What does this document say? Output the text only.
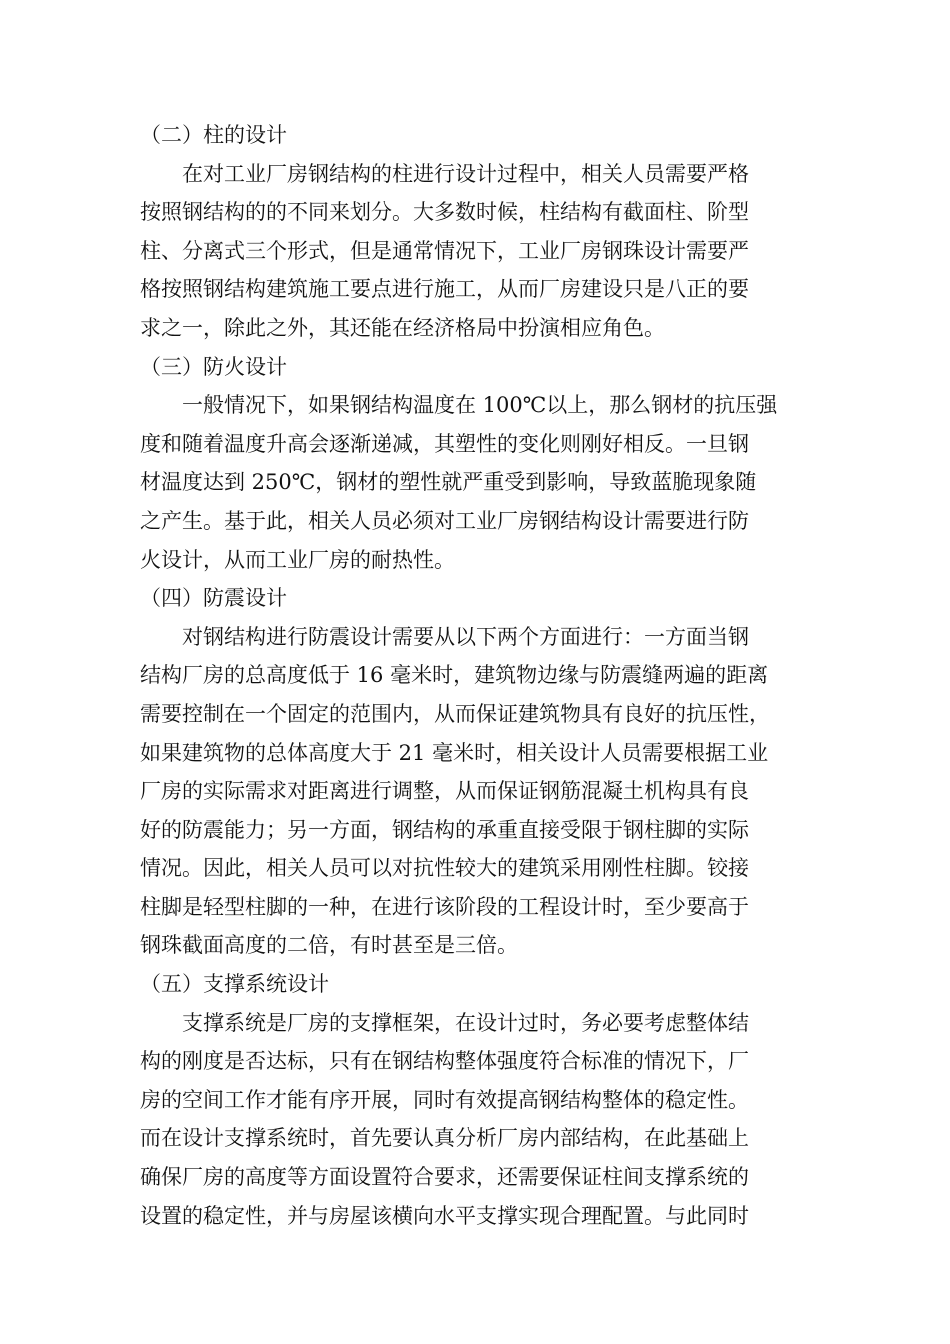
（二）柱的设计
在对工业厂房钢结构的柱进行设计过程中，相关人员需要严格
按照钢结构的的不同来划分。大多数时候，柱结构有截面柱、阶型
柱、分离式三个形式，但是通常情况下，工业厂房钢珠设计需要严
格按照钢结构建筑施工要点进行施工，从而厂房建设只是八正的要
求之一，除此之外，其还能在经济格局中扮演相应角色。
（三）防火设计
一般情况下，如果钢结构温度在 100℃以上，那么钢材的抗压强
度和随着温度升高会逐渐递减，其塑性的变化则刚好相反。一旦钢
材温度达到 250℃，钢材的塑性就严重受到影响，导致蓝脆现象随
之产生。基于此，相关人员必须对工业厂房钢结构设计需要进行防
火设计，从而工业厂房的耐热性。
（四）防震设计
对钢结构进行防震设计需要从以下两个方面进行：一方面当钢
结构厂房的总高度低于 16 毫米时，建筑物边缘与防震缝两遍的距离
需要控制在一个固定的范围内，从而保证建筑物具有良好的抗压性，
如果建筑物的总体高度大于 21 毫米时，相关设计人员需要根据工业
厂房的实际需求对距离进行调整，从而保证钢筋混凝土机构具有良
好的防震能力；另一方面，钢结构的承重直接受限于钢柱脚的实际
情况。因此，相关人员可以对抗性较大的建筑采用刚性柱脚。铰接
柱脚是轻型柱脚的一种，在进行该阶段的工程设计时，至少要高于
钢珠截面高度的二倍，有时甚至是三倍。
（五）支撑系统设计
支撑系统是厂房的支撑框架，在设计过时，务必要考虑整体结
构的刚度是否达标，只有在钢结构整体强度符合标准的情况下，厂
房的空间工作才能有序开展，同时有效提高钢结构整体的稳定性。
而在设计支撑系统时，首先要认真分析厂房内部结构，在此基础上
确保厂房的高度等方面设置符合要求，还需要保证柱间支撑系统的
设置的稳定性，并与房屋该横向水平支撑实现合理配置。与此同时
